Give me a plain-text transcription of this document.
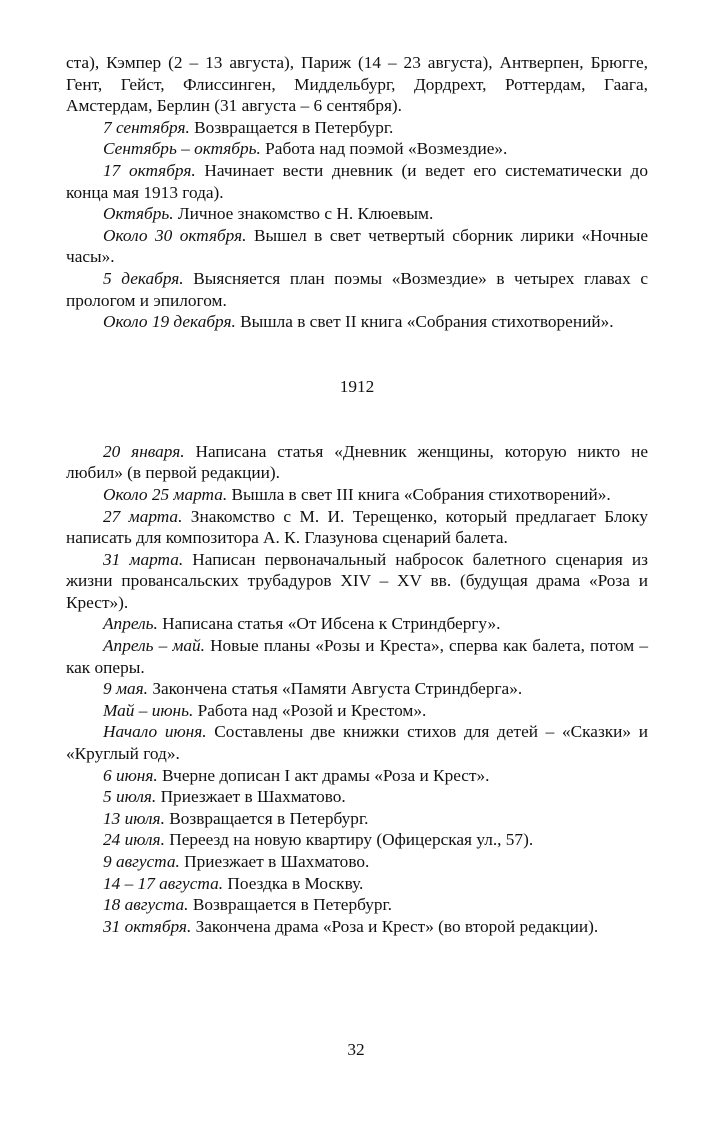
ста), Кэмпер (2 – 13 августа), Париж (14 – 23 августа), Антверпен, Брюгге, Гент, Гейст, Флиссинген, Миддельбург, Дордрехт, Роттердам, Гаага, Амстердам, Берлин (31 августа – 6 сентября).

7 сентября. Возвращается в Петербург.

Сентябрь – октябрь. Работа над поэмой «Возмездие».

17 октября. Начинает вести дневник (и ведет его систематически до конца мая 1913 года).

Октябрь. Личное знакомство с Н. Клюевым.

Около 30 октября. Вышел в свет четвертый сборник лирики «Ночные часы».

5 декабря. Выясняется план поэмы «Возмездие» в четырех главах с прологом и эпилогом.

Около 19 декабря. Вышла в свет II книга «Собрания стихотворений».

1912

20 января. Написана статья «Дневник женщины, которую никто не любил» (в первой редакции).

Около 25 марта. Вышла в свет III книга «Собрания стихотворений».

27 марта. Знакомство с М. И. Терещенко, который предлагает Блоку написать для композитора А. К. Глазунова сценарий балета.

31 марта. Написан первоначальный набросок балетного сценария из жизни провансальских трубадуров XIV – XV вв. (будущая драма «Роза и Крест»).

Апрель. Написана статья «От Ибсена к Стриндбергу».

Апрель – май. Новые планы «Розы и Креста», сперва как балета, потом – как оперы.

9 мая. Закончена статья «Памяти Августа Стриндберга».

Май – июнь. Работа над «Розой и Крестом».

Начало июня. Составлены две книжки стихов для детей – «Сказки» и «Круглый год».

6 июня. Вчерне дописан I акт драмы «Роза и Крест».

5 июля. Приезжает в Шахматово.

13 июля. Возвращается в Петербург.

24 июля. Переезд на новую квартиру (Офицерская ул., 57).

9 августа. Приезжает в Шахматово.

14 – 17 августа. Поездка в Москву.

18 августа. Возвращается в Петербург.

31 октября. Закончена драма «Роза и Крест» (во второй редакции).

32
